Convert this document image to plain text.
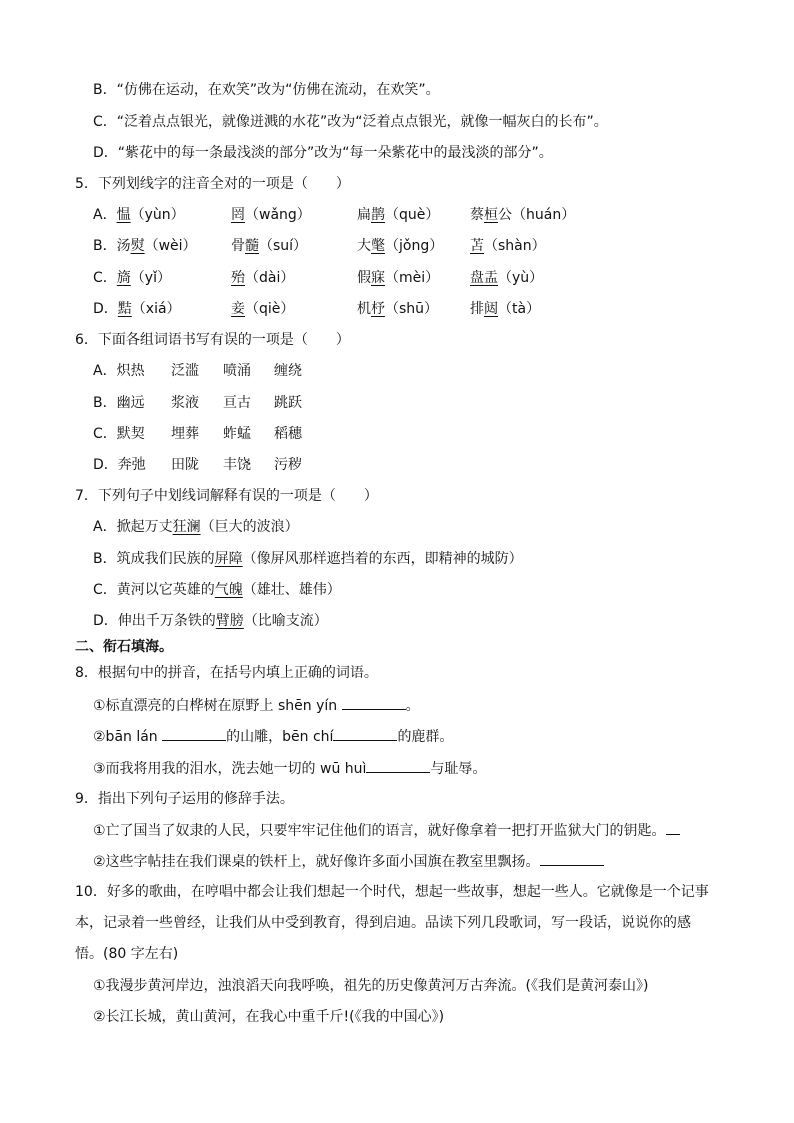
B．“仿佛在运动，在欢笑”改为“仿佛在流动，在欢笑”。
C．“泛着点点银光，就像迸溅的水花”改为“泛着点点银光，就像一幅灰白的长布”。
D．“紫花中的每一条最浅淡的部分”改为“每一朵紫花中的最浅淡的部分”。
5．下列划线字的注音全对的一项是（　　）
6．下面各组词语书写有误的一项是（　　）
7．下列句子中划线词解释有误的一项是（　　）
二、衔石填海。
8．根据句中的拼音，在括号内填上正确的词语。
①标直漂亮的白桦树在原野上 shēn yín	。
②bān lán	的山雕，bēn chí	的鹿群。
③而我将用我的泪水，洗去她一切的 wū huì	与耻辱。
9．指出下列句子运用的修辞手法。
①亡了国当了奴隶的人民，只要牢牢记住他们的语言，就好像拿着一把打开监狱大门的钥匙。
②这些字帖挂在我们课桌的铁杆上，就好像许多面小国旗在教室里飘扬。
10．好多的歌曲，在哼唱中都会让我们想起一个时代，想起一些故事，想起一些人。它就像是一个记事本，记录着一些曾经，让我们从中受到教育，得到启迪。品读下列几段歌词，写一段话，说说你的感悟。(80 字左右)
①我漫步黄河岸边，浊浪滔天向我呼唤，祖先的历史像黄河万古奔流。(《我们是黄河泰山》)
②长江长城，黄山黄河，在我心中重千斤!(《我的中国心》)
A．愠（yùn）	罔（wǎng）	扁鹊（què） 蔡桓公（huán）
B．汤熨（wèi） 骨髓（suí）	大氅（jǒng） 苫（shàn）
C．旖（yǐ）	殆（dài）	假寐（mèi） 盘盂（yù）
D．黠（xiá）	妾（qiè）	机杼（shū） 排闼（tà）
A．炽热 泛滥 喷涌 缠绕
B．幽远 浆液 亘古 跳跃
C．默契 埋葬 蚱蜢 稻穗
D．奔弛 田陇 丰饶 污秽
A．掀起万丈狂澜（巨大的波浪）
B．筑成我们民族的屏障（像屏风那样遮挡着的东西，即精神的城防）
C．黄河以它英雄的气魄（雄壮、雄伟）
D．伸出千万条铁的臂膀（比喻支流）
